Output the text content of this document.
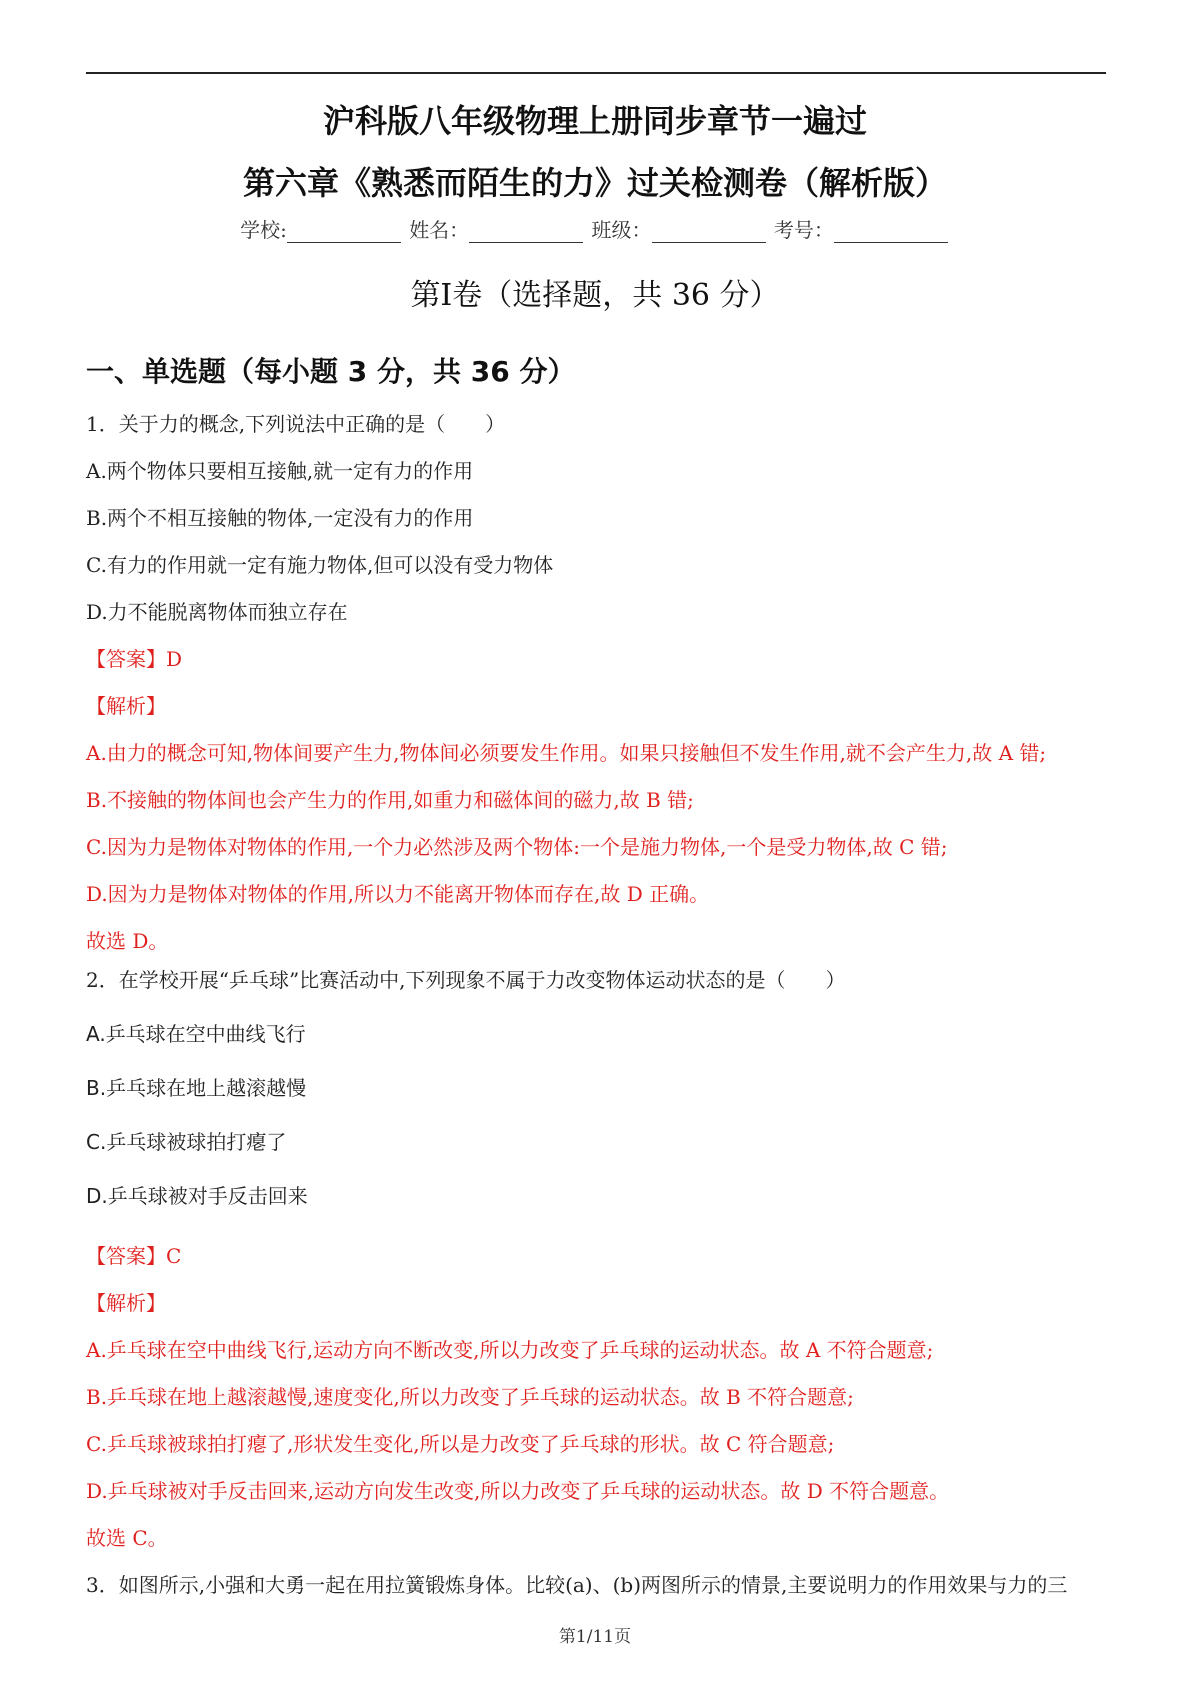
沪科版八年级物理上册同步章节一遍过
第六章《熟悉而陌生的力》过关检测卷（解析版）
学校:	姓名：	班级：	考号：
第Ⅰ卷（选择题，共 36 分）
一、单选题（每小题 3 分，共 36 分）
1．关于力的概念,下列说法中正确的是（　　）
A.两个物体只要相互接触,就一定有力的作用
B.两个不相互接触的物体,一定没有力的作用
C.有力的作用就一定有施力物体,但可以没有受力物体
D.力不能脱离物体而独立存在
【答案】D
【解析】
A.由力的概念可知,物体间要产生力,物体间必须要发生作用。如果只接触但不发生作用,就不会产生力,故 A 错;
B.不接触的物体间也会产生力的作用,如重力和磁体间的磁力,故 B 错;
C.因为力是物体对物体的作用,一个力必然涉及两个物体:一个是施力物体,一个是受力物体,故 C 错;
D.因为力是物体对物体的作用,所以力不能离开物体而存在,故 D 正确。
故选 D。
2．在学校开展“乒乓球”比赛活动中,下列现象不属于力改变物体运动状态的是（　　）
A.乒乓球在空中曲线飞行
B.乒乓球在地上越滚越慢
C.乒乓球被球拍打瘪了
D.乒乓球被对手反击回来
【答案】C
【解析】
A.乒乓球在空中曲线飞行,运动方向不断改变,所以力改变了乒乓球的运动状态。故 A 不符合题意;
B.乒乓球在地上越滚越慢,速度变化,所以力改变了乒乓球的运动状态。故 B 不符合题意;
C.乒乓球被球拍打瘪了,形状发生变化,所以是力改变了乒乓球的形状。故 C 符合题意;
D.乒乓球被对手反击回来,运动方向发生改变,所以力改变了乒乓球的运动状态。故 D 不符合题意。
故选 C。
3．如图所示,小强和大勇一起在用拉簧锻炼身体。比较(a)、(b)两图所示的情景,主要说明力的作用效果与力的三
第1/11页
